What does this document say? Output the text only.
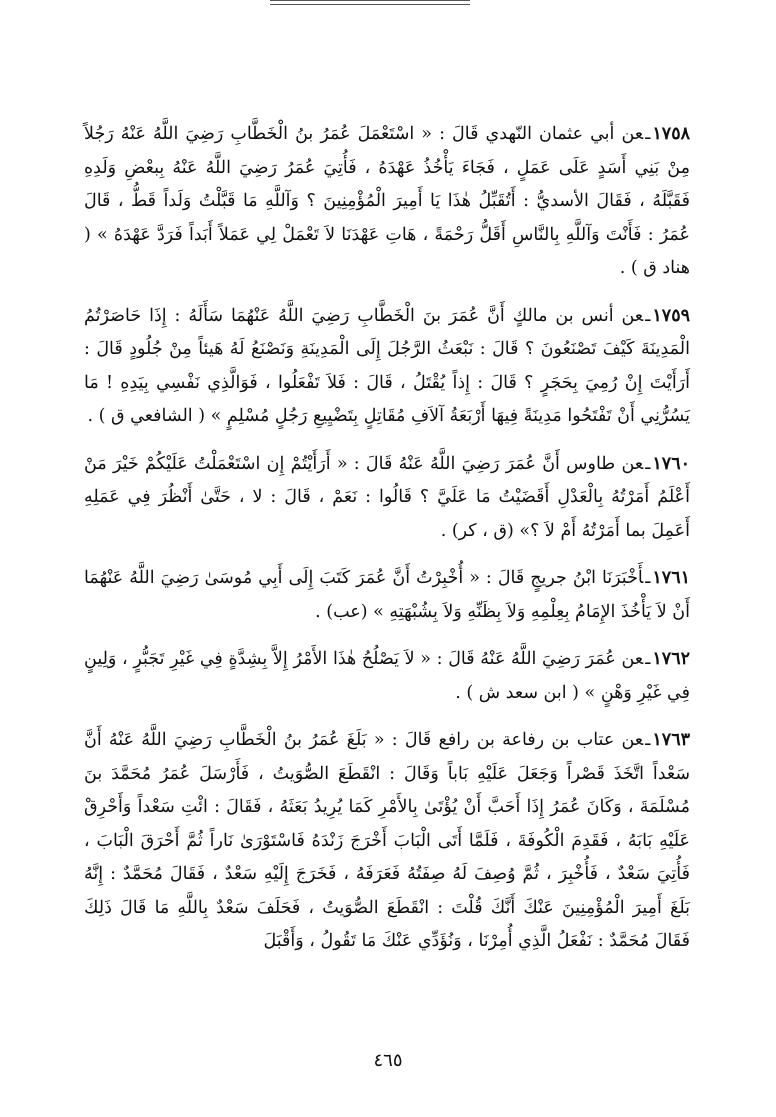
١٧٥٨ـعن أبي عثمان النّهدي قَالَ : « اسْتَعْمَلَ عُمَرُ بنُ الْخَطَّابِ رَضِيَ اللَّهُ عَنْهُ رَجُلاً مِنْ بَنِي أَسَدٍ عَلَى عَمَلٍ ، فَجَاءَ يَأْخُذُ عَهْدَهُ ، فَأُتِيَ عُمَرُ رَضِيَ اللَّهُ عَنْهُ بِبعْضِ وَلَدِهِ فَقَبَّلَهُ ، فَقَالَ الأسديُّ : أَتُقَبِّلُ هٰذَا يَا أَمِيرَ الْمُؤْمِنِينَ ؟ وَآللَّهِ مَا قَبَّلْتُ وَلَداً قَطُّ ، قَالَ عُمَرُ : فَأَنْتَ وَآللَّهِ بِالنَّاسِ أَقَلُّ رَحْمَةً ، هَاتِ عَهْدَنَا لاَ تَعْمَلْ لِي عَمَلاً أَبَداً فَرَدَّ عَهْدَهُ » ( هناد ق ) .

١٧٥٩ـعن أنس بن مالكٍ أَنَّ عُمَرَ بنَ الْخَطَّابِ رَضِيَ اللَّهُ عَنْهُمَا سَأَلَهُ : إِذَا حَاصَرْتُمُ الْمَدِينَةَ كَيْفَ تَصْنَعُونَ ؟ قَالَ : نَبْعَثُ الرَّجُلَ إِلَى الْمَدِينَةِ وَنَصْنَعُ لَهُ هَيئاً مِنْ جُلُودٍ قَالَ : أَرَأَيْتَ إِنْ رُمِيَ بِحَجَرٍ ؟ قَالَ : إِذاً يُقْتَلُ ، قَالَ : فَلاَ تَفْعَلُوا ، فَوَالَّذِي نَفْسِي بِيَدِهِ ! مَا يَسُرُّنِي أَنْ تَفْتَحُوا مَدِينَةً فِيهَا أَرْبَعَةُ آلاَفِ مُقَاتِلٍ بِتَضْيِيعِ رَجُلٍ مُسْلِمٍ » ( الشافعي ق ) .

١٧٦٠ـعن طاوس أَنَّ عُمَرَ رَضِيَ اللَّهُ عَنْهُ قَالَ : « أَرَأَيْتُمْ إِن اسْتَعْمَلْتُ عَلَيْكُمْ خَيْرَ مَنْ أَعْلَمُ أَمَرْتُهُ بِالْعَدْلِ أَقَضَيْتُ مَا عَلَيَّ ؟ قَالُوا : نَعَمْ ، قَالَ : لا ، حَتَّىٰ أَنْظُرَ فِي عَمَلِهِ أَعَمِلَ بما أَمَرْتُهُ أَمْ لاَ ؟» (ق ، كر) .

١٧٦١ـأَخْبَرَنَا ابْنُ جريجٍ قَالَ : « أُخْبِرْتُ أَنَّ عُمَرَ كَتَبَ إِلَى أَبِي مُوسَىٰ رَضِيَ اللَّهُ عَنْهُمَا أَنْ لاَ يَأْخُذَ الإِمَامُ بِعِلْمِهِ وَلاَ بِظَنِّهِ وَلاَ بِشُبْهَتِهِ » (عب) .

١٧٦٢ـعن عُمَرَ رَضِيَ اللَّهُ عَنْهُ قَالَ : « لاَ يَصْلُحُ هٰذَا الأَمْرُ إِلاَّ بِشِدَّةٍ فِي غَيْرِ تَجَبُّرٍ ، وَلِينٍ فِي غَيْرِ وَهْنٍ » ( ابن سعد ش ) .

١٧٦٣ـعن عتاب بن رفاعة بن رافع قَالَ : « بَلَغَ عُمَرُ بنُ الْخَطَّابِ رَضِيَ اللَّهُ عَنْهُ أَنَّ سَعْداً اتَّخَذَ قَصْراً وَجَعَلَ عَلَيْهِ بَاباً وَقَالَ : انْقَطَعَ الصُّوَيتُ ، فَأَرْسَلَ عُمَرُ مُحَمَّدَ بنَ مُسْلَمَةَ ، وَكَانَ عُمَرُ إِذَا أَحَبَّ أَنْ يُؤْتَىٰ بِالأَمْرِ كَمَا يُرِيدُ بَعَثَهُ ، فَقَالَ : ائْتِ سَعْداً وَأَحْرِقْ عَلَيْهِ بَابَهُ ، فَقَدِمَ الْكُوفَةَ ، فَلَمَّا أَتَى الْبَابَ أَخْرَجَ زَنْدَهُ فَاسْتَوْرَىٰ نَاراً ثُمَّ أَحْرَقَ الْبَابَ ، فَأُتِيَ سَعْدٌ ، فَأُخْبِرَ ، ثُمَّ وُصِفَ لَهُ صِفَتُهُ فَعَرَفَهُ ، فَخَرَجَ إِلَيْهِ سَعْدٌ ، فَقَالَ مُحَمَّدٌ : إِنَّهُ بَلَغَ أَمِيرَ الْمُؤْمِنِينَ عَنْكَ أَنَّكَ قُلْتَ : انْقَطَعَ الصُّوَيتُ ، فَحَلَفَ سَعْدٌ بِاللَّهِ مَا قَالَ ذَلِكَ فَقَالَ مُحَمَّدٌ : نَفْعَلُ الَّذِي أُمِرْنَا ، وَنُؤَدِّي عَنْكَ مَا تَقُولُ ، وَأَقْبَلَ

٤٦٥
